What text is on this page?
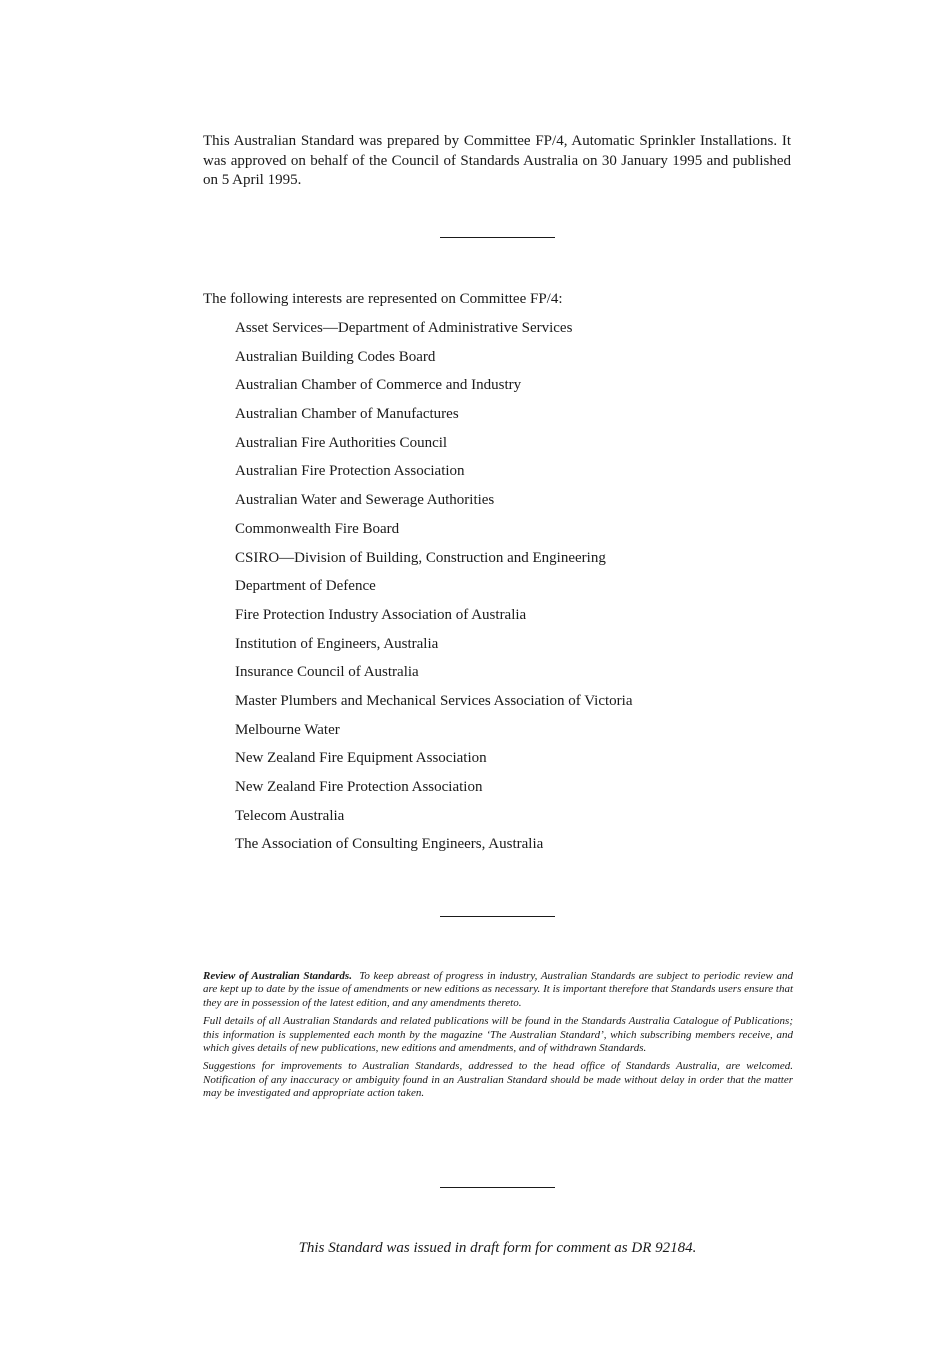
This Australian Standard was prepared by Committee FP/4, Automatic Sprinkler Installations. It was approved on behalf of the Council of Standards Australia on 30 January 1995 and published on 5 April 1995.

The following interests are represented on Committee FP/4:

Asset Services—Department of Administrative Services
Australian Building Codes Board
Australian Chamber of Commerce and Industry
Australian Chamber of Manufactures
Australian Fire Authorities Council
Australian Fire Protection Association
Australian Water and Sewerage Authorities
Commonwealth Fire Board
CSIRO—Division of Building, Construction and Engineering
Department of Defence
Fire Protection Industry Association of Australia
Institution of Engineers, Australia
Insurance Council of Australia
Master Plumbers and Mechanical Services Association of Victoria
Melbourne Water
New Zealand Fire Equipment Association
New Zealand Fire Protection Association
Telecom Australia
The Association of Consulting Engineers, Australia

Review of Australian Standards. To keep abreast of progress in industry, Australian Standards are subject to periodic review and are kept up to date by the issue of amendments or new editions as necessary. It is important therefore that Standards users ensure that they are in possession of the latest edition, and any amendments thereto.

Full details of all Australian Standards and related publications will be found in the Standards Australia Catalogue of Publications; this information is supplemented each month by the magazine ‘The Australian Standard’, which subscribing members receive, and which gives details of new publications, new editions and amendments, and of withdrawn Standards.

Suggestions for improvements to Australian Standards, addressed to the head office of Standards Australia, are welcomed. Notification of any inaccuracy or ambiguity found in an Australian Standard should be made without delay in order that the matter may be investigated and appropriate action taken.

This Standard was issued in draft form for comment as DR 92184.
